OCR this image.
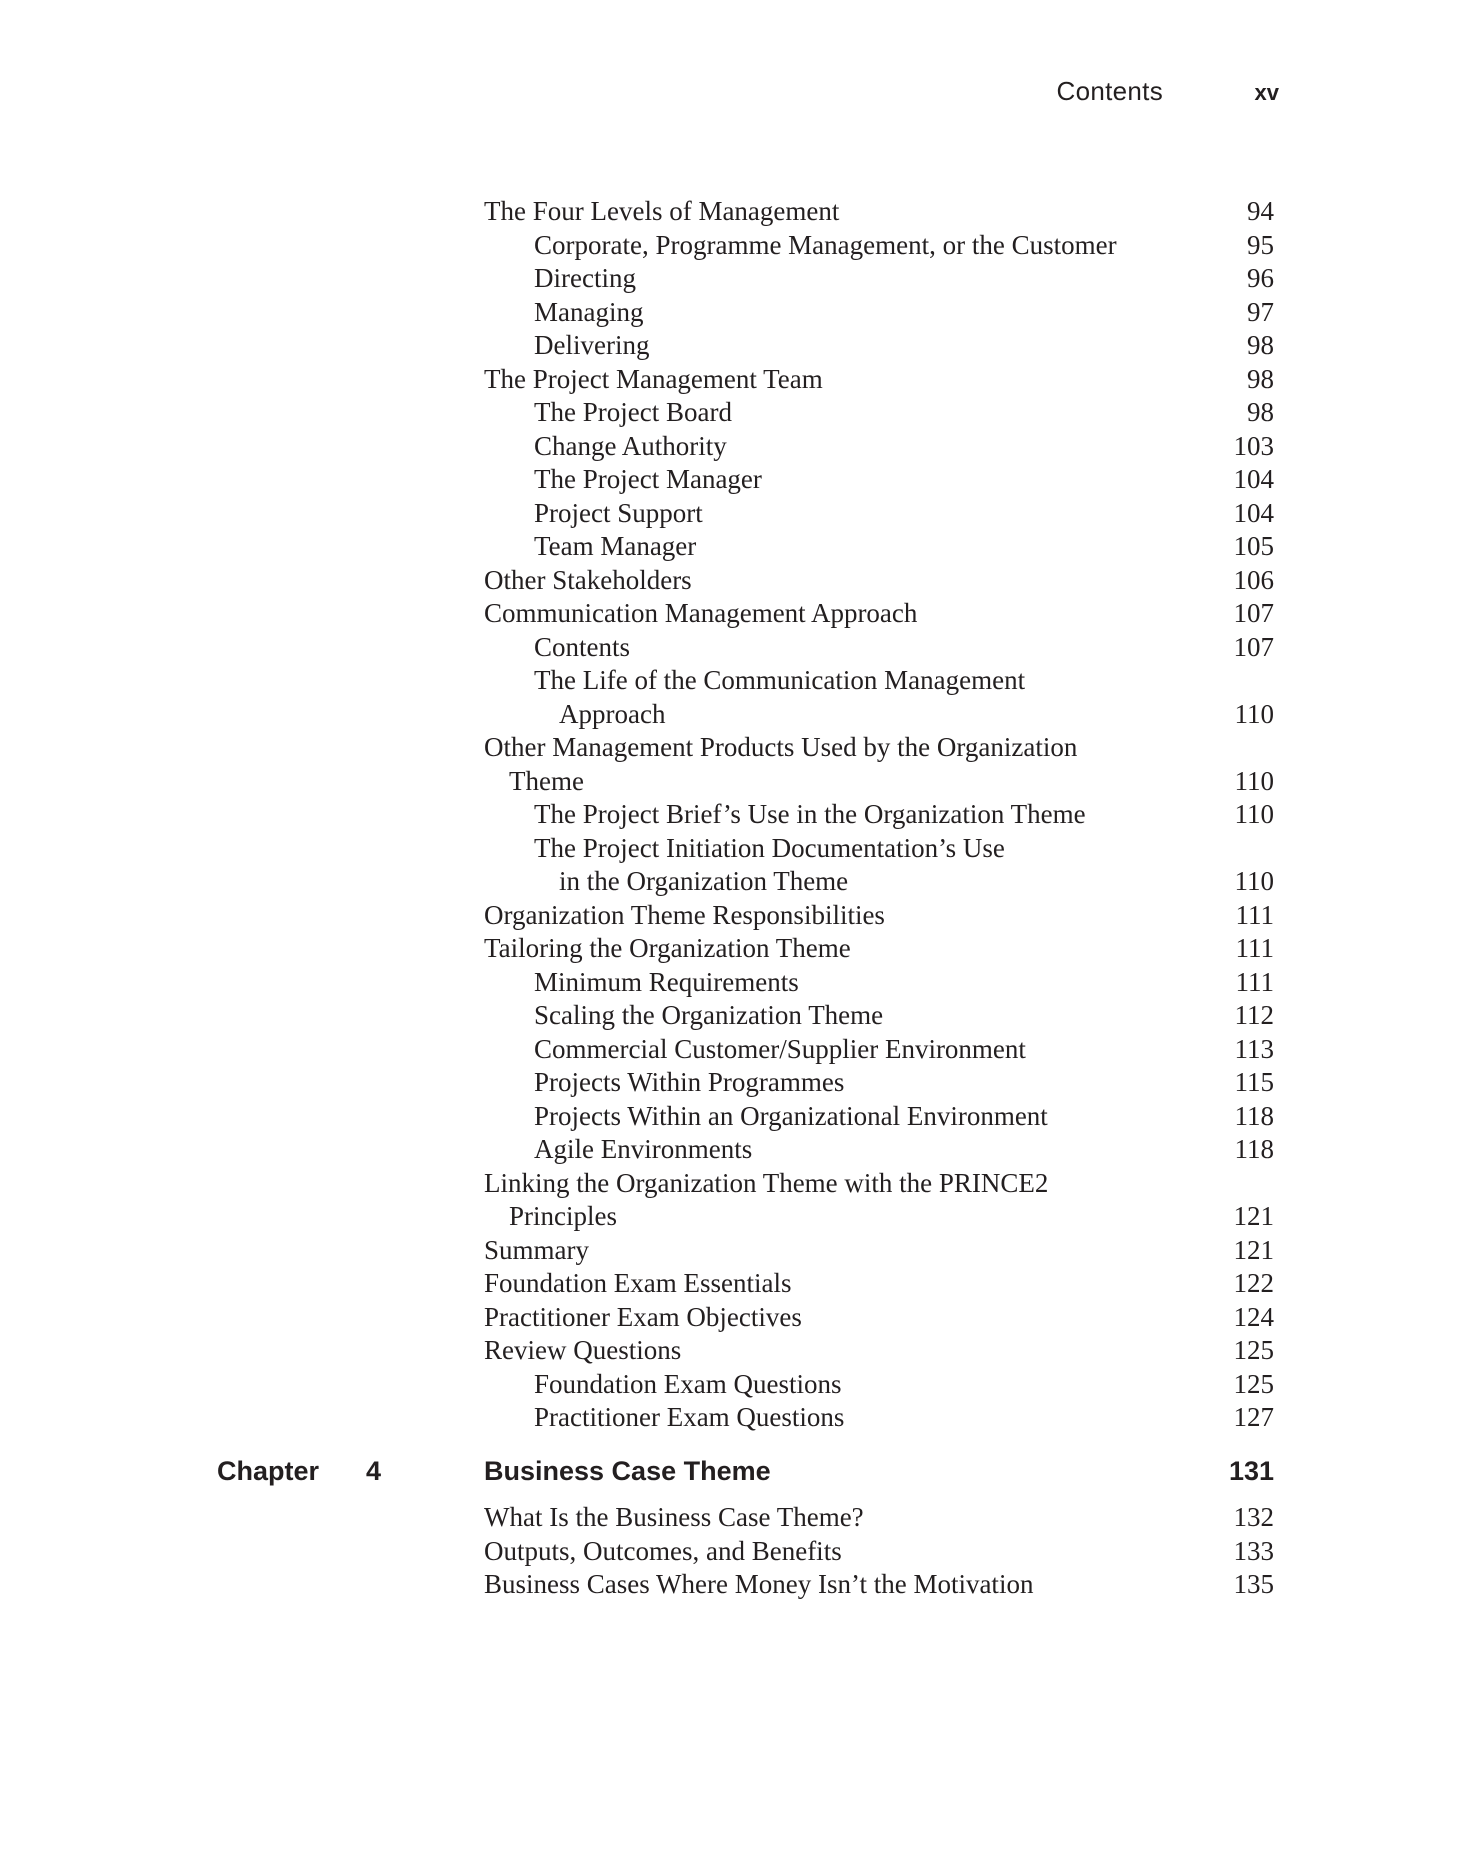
Contents	xv
The Four Levels of Management	94
Corporate, Programme Management, or the Customer	95
Directing	96
Managing	97
Delivering	98
The Project Management Team	98
The Project Board	98
Change Authority	103
The Project Manager	104
Project Support	104
Team Manager	105
Other Stakeholders	106
Communication Management Approach	107
Contents	107
The Life of the Communication Management
Approach	110
Other Management Products Used by the Organization
Theme	110
The Project Brief’s Use in the Organization Theme	110
The Project Initiation Documentation’s Use
in the Organization Theme	110
Organization Theme Responsibilities	111
Tailoring the Organization Theme	111
Minimum Requirements	111
Scaling the Organization Theme	112
Commercial Customer/Supplier Environment	113
Projects Within Programmes	115
Projects Within an Organizational Environment	118
Agile Environments	118
Linking the Organization Theme with the PRINCE2
Principles	121
Summary	121
Foundation Exam Essentials	122
Practitioner Exam Objectives	124
Review Questions	125
Foundation Exam Questions	125
Practitioner Exam Questions	127
Chapter 4	Business Case Theme	131
What Is the Business Case Theme?	132
Outputs, Outcomes, and Benefits	133
Business Cases Where Money Isn’t the Motivation	135
